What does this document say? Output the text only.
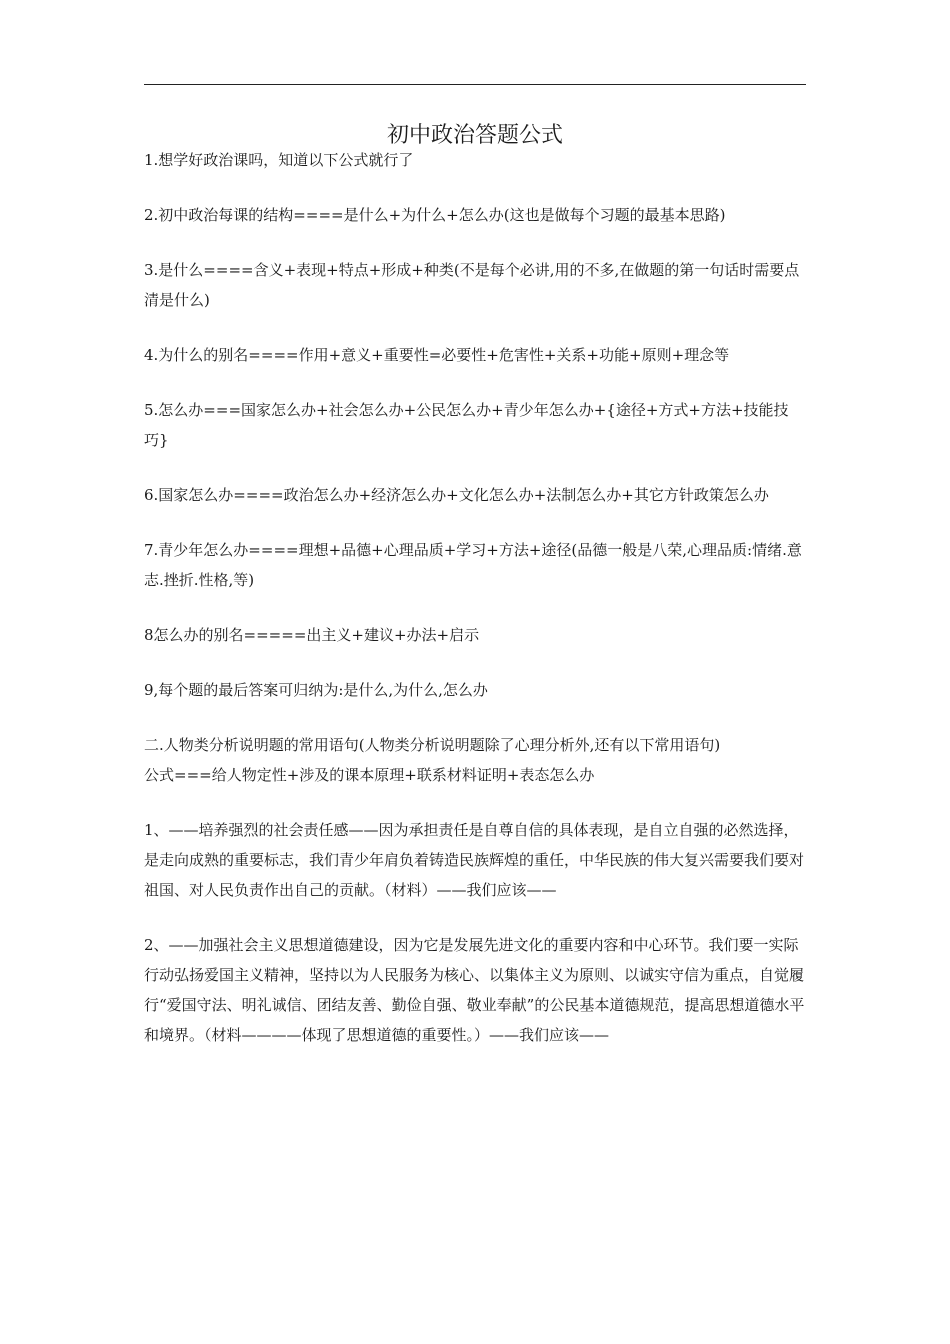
初中政治答题公式

1.想学好政治课吗，知道以下公式就行了

2.初中政治每课的结构====是什么+为什么+怎么办(这也是做每个习题的最基本思路)

3.是什么====含义+表现+特点+形成+种类(不是每个必讲,用的不多,在做题的第一句话时需要点清是什么)

4.为什么的别名====作用+意义+重要性=必要性+危害性+关系+功能+原则+理念等

5.怎么办===国家怎么办+社会怎么办+公民怎么办+青少年怎么办+{途径+方式+方法+技能技巧}

6.国家怎么办====政治怎么办+经济怎么办+文化怎么办+法制怎么办+其它方针政策怎么办

7.青少年怎么办====理想+品德+心理品质+学习+方法+途径(品德一般是八荣,心理品质:情绪.意志.挫折.性格,等)

8怎么办的别名=====出主义+建议+办法+启示

9,每个题的最后答案可归纳为:是什么,为什么,怎么办

二.人物类分析说明题的常用语句(人物类分析说明题除了心理分析外,还有以下常用语句)

公式===给人物定性+涉及的课本原理+联系材料证明+表态怎么办

1、——培养强烈的社会责任感——因为承担责任是自尊自信的具体表现，是自立自强的必然选择，是走向成熟的重要标志，我们青少年肩负着铸造民族辉煌的重任，中华民族的伟大复兴需要我们要对祖国、对人民负责作出自己的贡献。（材料）——我们应该——

2、——加强社会主义思想道德建设，因为它是发展先进文化的重要内容和中心环节。我们要一实际行动弘扬爱国主义精神，坚持以为人民服务为核心、以集体主义为原则、以诚实守信为重点，自觉履行“爱国守法、明礼诚信、团结友善、勤俭自强、敬业奉献”的公民基本道德规范，提高思想道德水平和境界。（材料————体现了思想道德的重要性。）——我们应该——
